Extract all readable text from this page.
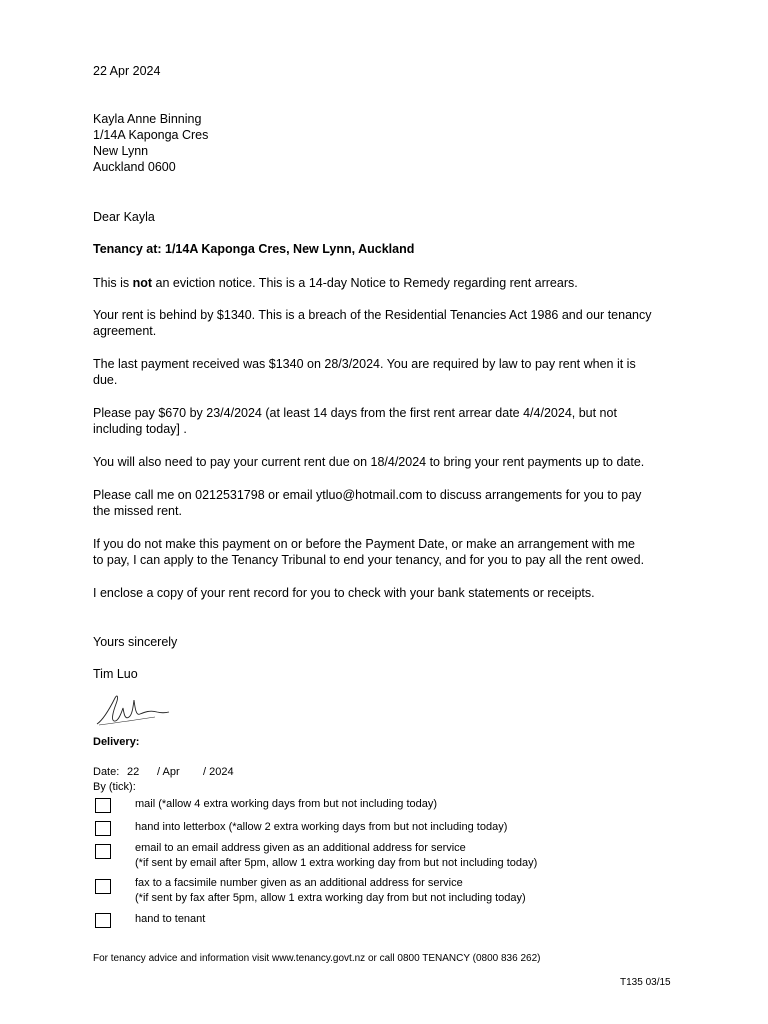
22 Apr 2024
Kayla Anne Binning
1/14A Kaponga Cres
New Lynn
Auckland 0600
Dear Kayla
Tenancy at: 1/14A Kaponga Cres, New Lynn, Auckland
This is not an eviction notice. This is a 14-day Notice to Remedy regarding rent arrears.
Your rent is behind by $1340. This is a breach of the Residential Tenancies Act 1986 and our tenancy
agreement.
The last payment received was $1340 on 28/3/2024. You are required by law to pay rent when it is
due.
Please pay $670 by 23/4/2024 (at least 14 days from the first rent arrear date 4/4/2024, but not
including today] .
You will also need to pay your current rent due on 18/4/2024 to bring your rent payments up to date.
Please call me on 0212531798 or email ytluo@hotmail.com to discuss arrangements for you to pay
the missed rent.
If you do not make this payment on or before the Payment Date, or make an arrangement with me
to pay, I can apply to the Tenancy Tribunal to end your tenancy, and for you to pay all the rent owed.
I enclose a copy of your rent record for you to check with your bank statements or receipts.
Yours sincerely
Tim Luo
Delivery:
Date: 22 / Apr / 2024
By (tick):
mail (*allow 4 extra working days from but not including today)
hand into letterbox (*allow 2 extra working days from but not including today)
email to an email address given as an additional address for service
(*if sent by email after 5pm, allow 1 extra working day from but not including today)
fax to a facsimile number given as an additional address for service
(*if sent by fax after 5pm, allow 1 extra working day from but not including today)
hand to tenant
For tenancy advice and information visit www.tenancy.govt.nz or call 0800 TENANCY (0800 836 262)
T135 03/15
